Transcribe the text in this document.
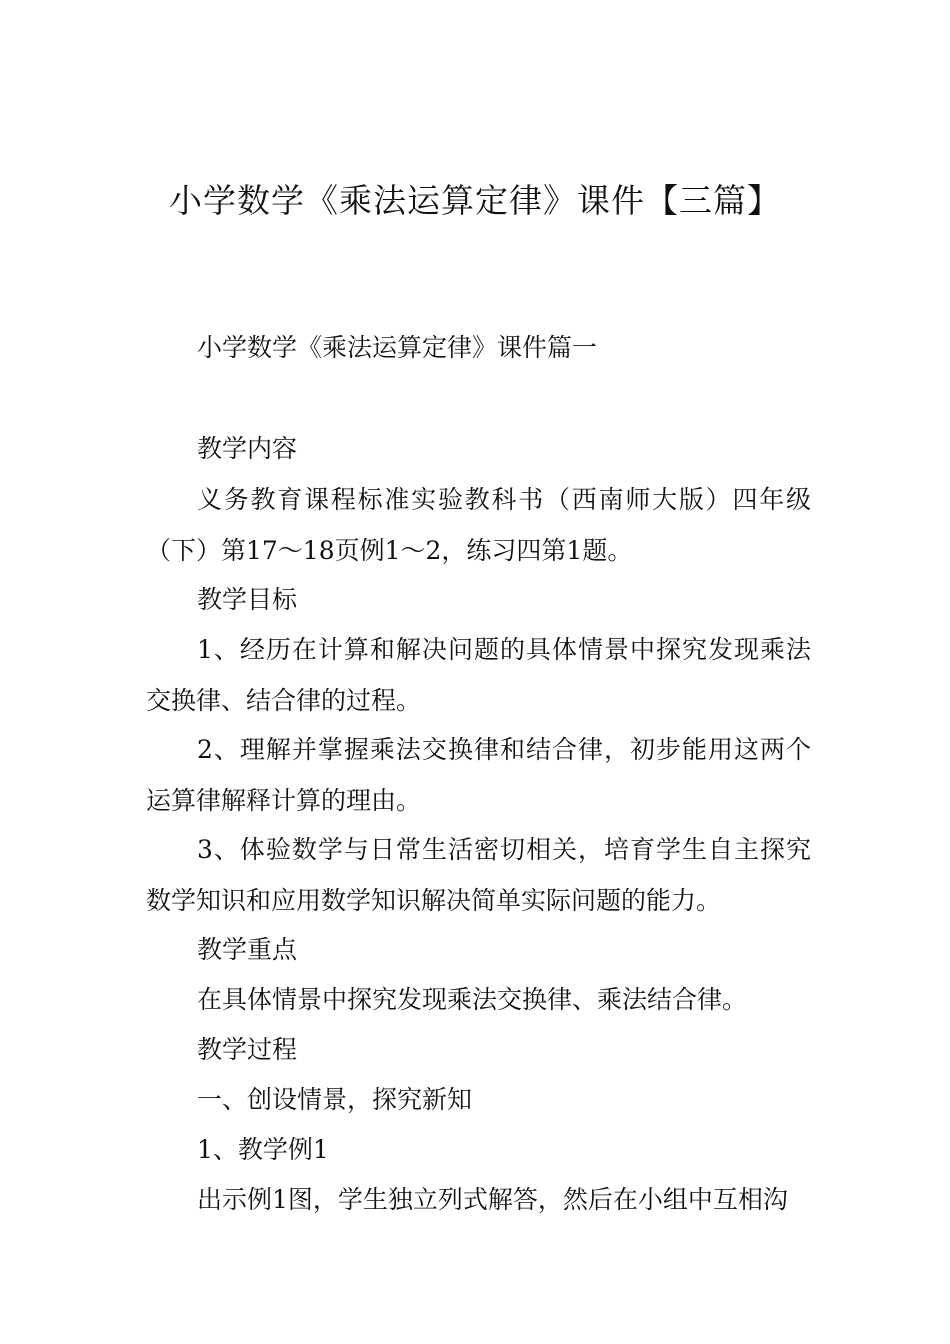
小学数学《乘法运算定律》课件【三篇】

小学数学《乘法运算定律》课件篇一

教学内容

义务教育课程标准实验教科书（西南师大版）四年级（下）第17～18页例1～2，练习四第1题。

教学目标

1、经历在计算和解决问题的具体情景中探究发现乘法交换律、结合律的过程。

2、理解并掌握乘法交换律和结合律，初步能用这两个运算律解释计算的理由。

3、体验数学与日常生活密切相关，培育学生自主探究数学知识和应用数学知识解决简单实际问题的能力。

教学重点

在具体情景中探究发现乘法交换律、乘法结合律。

教学过程

一、创设情景，探究新知

1、教学例1

出示例1图，学生独立列式解答，然后在小组中互相沟
